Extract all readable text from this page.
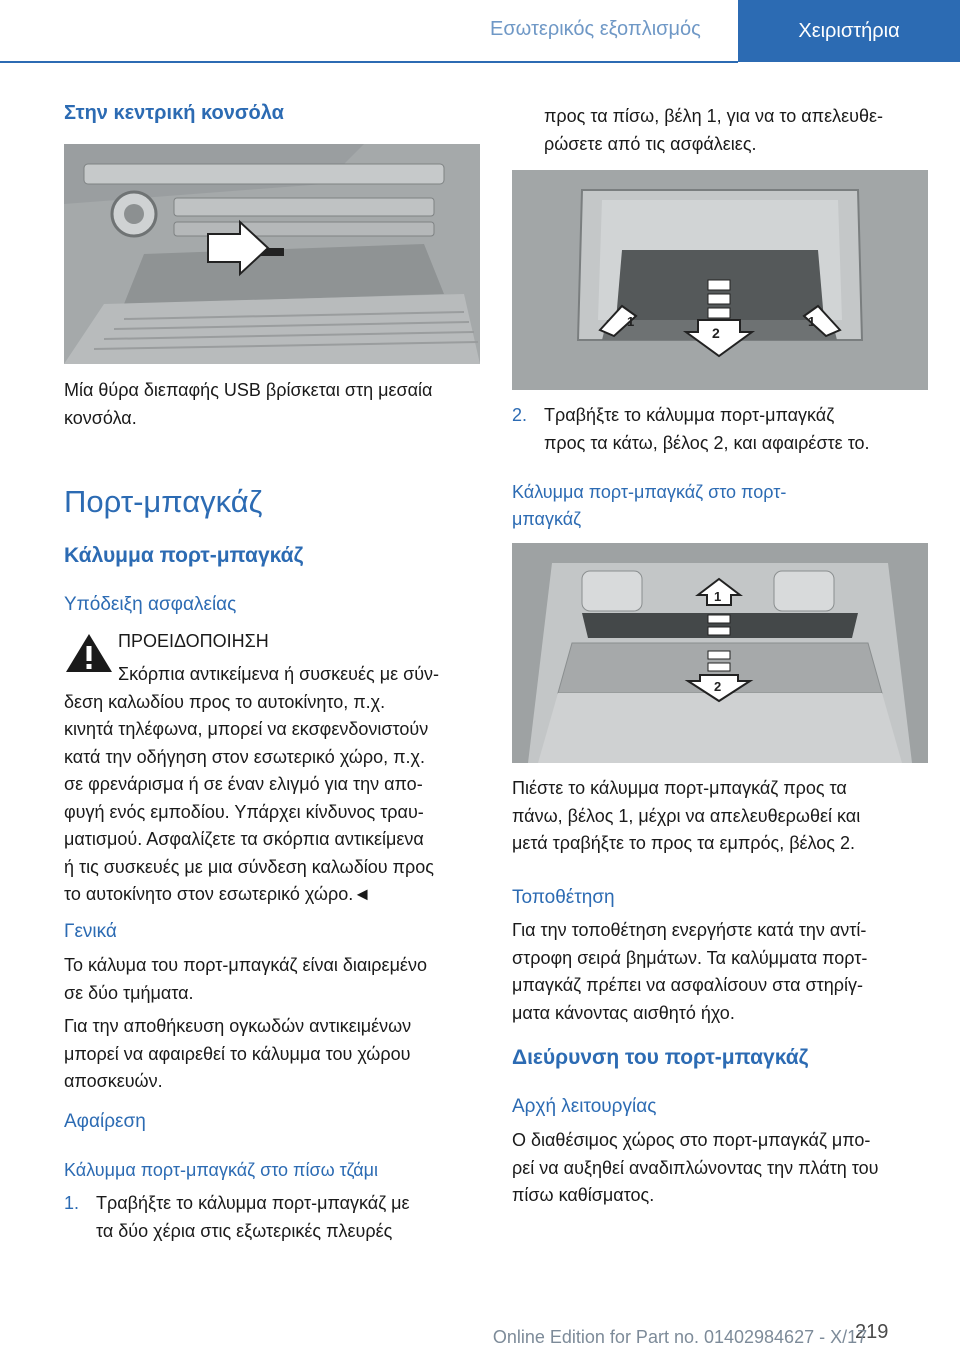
Εσωτερικός εξοπλισμός	Χειριστήρια
Στην κεντρική κονσόλα
Μία θύρα διεπαφής USB βρίσκεται στη μεσαία
κονσόλα.
Πορτ-μπαγκάζ
Κάλυμμα πορτ-μπαγκάζ
Υπόδειξη ασφαλείας
ΠΡΟΕΙΔΟΠΟΙΗΣΗ
Σκόρπια αντικείμενα ή συσκευές με σύν-
δεση καλωδίου προς το αυτοκίνητο, π.χ.
κινητά τηλέφωνα, μπορεί να εκσφενδονιστούν
κατά την οδήγηση στον εσωτερικό χώρο, π.χ.
σε φρενάρισμα ή σε έναν ελιγμό για την απο-
φυγή ενός εμποδίου. Υπάρχει κίνδυνος τραυ-
ματισμού. Ασφαλίζετε τα σκόρπια αντικείμενα
ή τις συσκευές με μια σύνδεση καλωδίου προς
το αυτοκίνητο στον εσωτερικό χώρο.◄
Γενικά
Το κάλυμα του πορτ-μπαγκάζ είναι διαιρεμένο
σε δύο τμήματα.
Για την αποθήκευση ογκωδών αντικειμένων
μπορεί να αφαιρεθεί το κάλυμμα του χώρου
αποσκευών.
Αφαίρεση
Κάλυμμα πορτ-μπαγκάζ στο πίσω τζάμι
1. Τραβήξτε το κάλυμμα πορτ-μπαγκάζ με
τα δύο χέρια στις εξωτερικές πλευρές
προς τα πίσω, βέλη 1, για να το απελευθε-
ρώσετε από τις ασφάλειες.
1
2
1
2. Τραβήξτε το κάλυμμα πορτ-μπαγκάζ
προς τα κάτω, βέλος 2, και αφαιρέστε το.
Κάλυμμα πορτ-μπαγκάζ στο πορτ-
μπαγκάζ
1
2
Πιέστε το κάλυμμα πορτ-μπαγκάζ προς τα
πάνω, βέλος 1, μέχρι να απελευθερωθεί και
μετά τραβήξτε το προς τα εμπρός, βέλος 2.
Τοποθέτηση
Για την τοποθέτηση ενεργήστε κατά την αντί-
στροφη σειρά βημάτων. Τα καλύμματα πορτ-
μπαγκάζ πρέπει να ασφαλίσουν στα στηρίγ-
ματα κάνοντας αισθητό ήχο.
Διεύρυνση του πορτ-μπαγκάζ
Αρχή λειτουργίας
Ο διαθέσιμος χώρος στο πορτ-μπαγκάζ μπο-
ρεί να αυξηθεί αναδιπλώνοντας την πλάτη του
πίσω καθίσματος.
219
Online Edition for Part no. 01402984627 - X/17
